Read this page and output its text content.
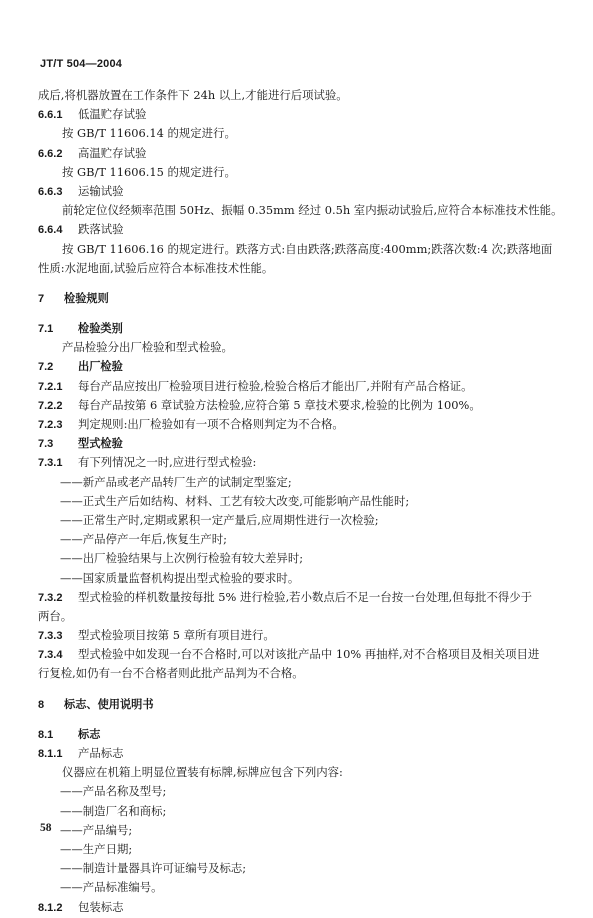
JT/T 504—2004
成后,将机器放置在工作条件下 24h 以上,才能进行后项试验。
6.6.1 低温贮存试验
按 GB/T 11606.14 的规定进行。
6.6.2 高温贮存试验
按 GB/T 11606.15 的规定进行。
6.6.3 运输试验
前轮定位仪经频率范围 50Hz、振幅 0.35mm 经过 0.5h 室内振动试验后,应符合本标准技术性能。
6.6.4 跌落试验
按 GB/T 11606.16 的规定进行。跌落方式:自由跌落;跌落高度:400mm;跌落次数:4 次;跌落地面
性质:水泥地面,试验后应符合本标准技术性能。
7 检验规则
7.1 检验类别
产品检验分出厂检验和型式检验。
7.2 出厂检验
7.2.1 每台产品应按出厂检验项目进行检验,检验合格后才能出厂,并附有产品合格证。
7.2.2 每台产品按第 6 章试验方法检验,应符合第 5 章技术要求,检验的比例为 100%。
7.2.3 判定规则:出厂检验如有一项不合格则判定为不合格。
7.3 型式检验
7.3.1 有下列情况之一时,应进行型式检验:
——新产品或老产品转厂生产的试制定型鉴定;
——正式生产后如结构、材料、工艺有较大改变,可能影响产品性能时;
——正常生产时,定期或累积一定产量后,应周期性进行一次检验;
——产品停产一年后,恢复生产时;
——出厂检验结果与上次例行检验有较大差异时;
——国家质量监督机构提出型式检验的要求时。
7.3.2 型式检验的样机数量按每批 5% 进行检验,若小数点后不足一台按一台处理,但每批不得少于
两台。
7.3.3 型式检验项目按第 5 章所有项目进行。
7.3.4 型式检验中如发现一台不合格时,可以对该批产品中 10% 再抽样,对不合格项目及相关项目进
行复检,如仍有一台不合格者则此批产品判为不合格。
8 标志、使用说明书
8.1 标志
8.1.1 产品标志
仪器应在机箱上明显位置装有标牌,标牌应包含下列内容:
——产品名称及型号;
——制造厂名和商标;
——产品编号;
——生产日期;
——制造计量器具许可证编号及标志;
——产品标准编号。
8.1.2 包装标志
58
